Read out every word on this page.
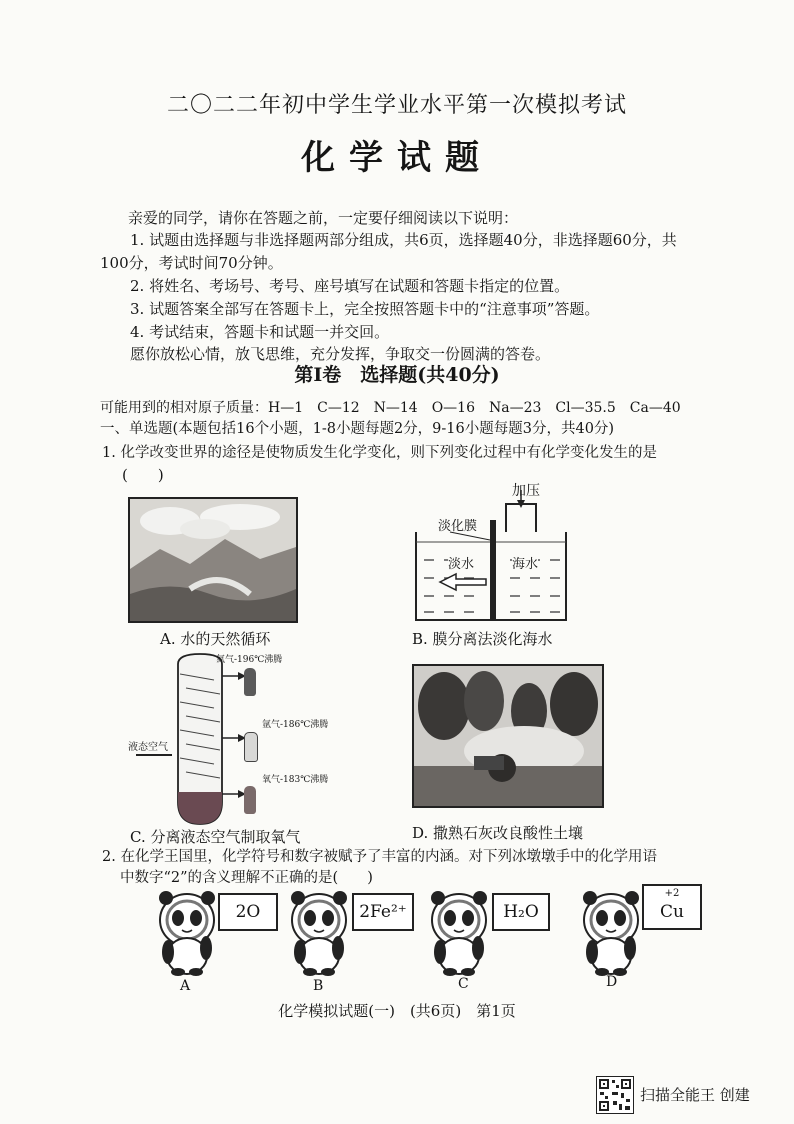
二〇二二年初中学生学业水平第一次模拟考试
化学试题
亲爱的同学，请你在答题之前，一定要仔细阅读以下说明：
1. 试题由选择题与非选择题两部分组成，共6页，选择题40分，非选择题60分，共
100分，考试时间70分钟。
2. 将姓名、考场号、考号、座号填写在试题和答题卡指定的位置。
3. 试题答案全部写在答题卡上，完全按照答题卡中的“注意事项”答题。
4. 考试结束，答题卡和试题一并交回。
愿你放松心情，放飞思维，充分发挥，争取交一份圆满的答卷。
第Ⅰ卷　选择题(共40分)
可能用到的相对原子质量：H—1　C—12　N—14　O—16　Na—23　Cl—35.5　Ca—40
一、单选题(本题包括16个小题，1-8小题每题2分，9-16小题每题3分，共40分)
1. 化学改变世界的途径是使物质发生化学变化，则下列变化过程中有化学变化发生的是
(　　)
A. 水的天然循环
加压
淡化膜
淡水	海水
B. 膜分离法淡化海水
氮气-196℃沸腾
氩气-186℃沸腾
氧气-183℃沸腾
液态空气
C. 分离液态空气制取氧气	D. 撒熟石灰改良酸性土壤
2. 在化学王国里，化学符号和数字被赋予了丰富的内涵。对下列冰墩墩手中的化学用语
中数字“2”的含义理解不正确的是(　　)
2O
A
2Fe²⁺
B
H₂O
C
+2
Cu
D
化学模拟试题(一)　(共6页)　第1页
扫描全能王 创建
